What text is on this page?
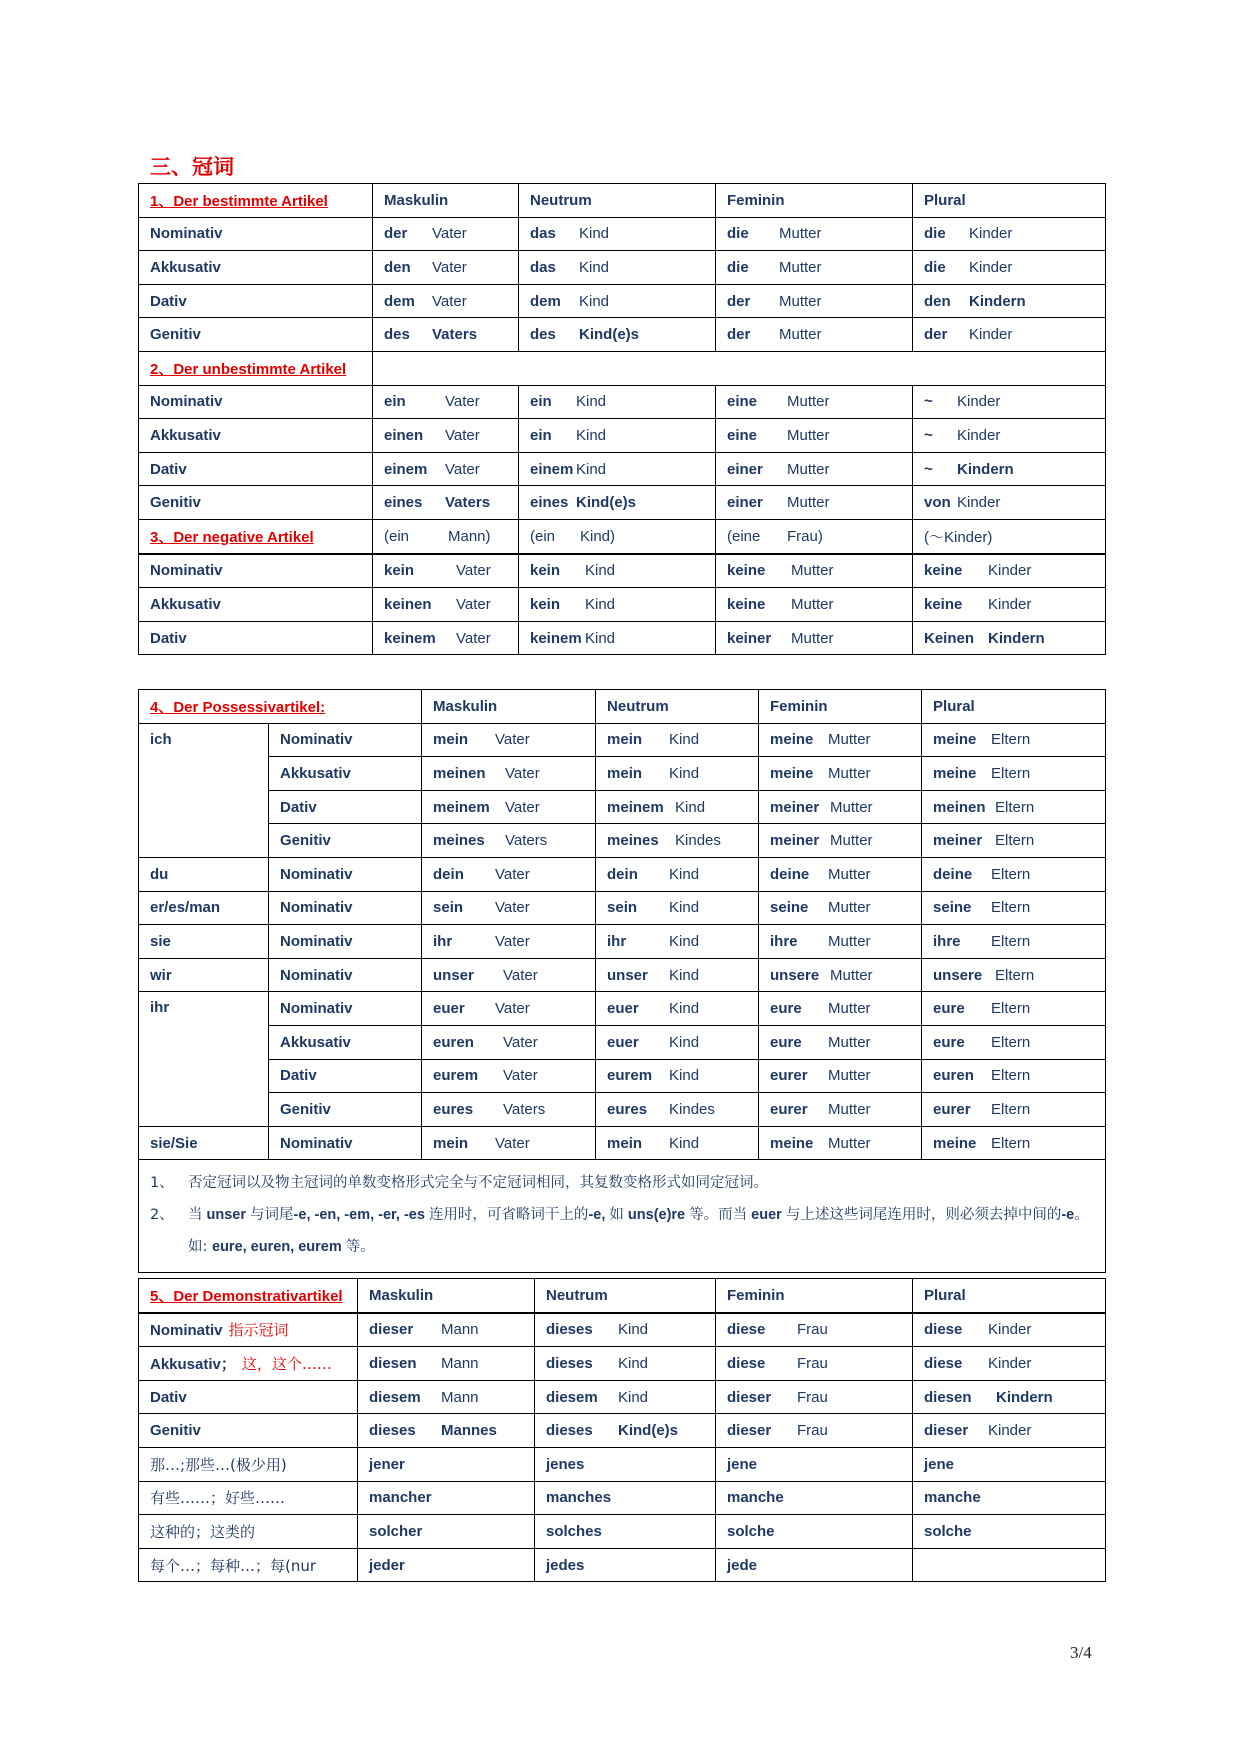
三、冠词
1、Der bestimmte Artikel	Maskulin	Neutrum	Feminin	Plural
Nominativ	der Vater	das Kind	die Mutter	die Kinder
Akkusativ	den Vater	das Kind	die Mutter	die Kinder
Dativ	dem Vater	dem Kind	der Mutter	den Kindern
Genitiv	des Vaters	des Kind(e)s	der Mutter	der Kinder
2、Der unbestimmte Artikel				
Nominativ	ein Vater	ein Kind	eine Mutter	~ Kinder
Akkusativ	einen Vater	ein Kind	eine Mutter	~ Kinder
Dativ	einem Vater	einem Kind	einer Mutter	~ Kindern
Genitiv	eines Vaters	eines Kind(e)s	einer Mutter	von Kinder
3、Der negative Artikel	(ein Mann)	(ein Kind)	(eine Frau)	(～Kinder)
Nominativ	kein Vater	kein Kind	keine Mutter	keine Kinder
Akkusativ	keinen Vater	kein Kind	keine Mutter	keine Kinder
Dativ	keinem Vater	keinem Kind	keiner Mutter	Keinen Kindern
4、Der Possessivartikel:		Maskulin	Neutrum	Feminin	Plural
ich	Nominativ	mein Vater	mein Kind	meine Mutter	meine Eltern
	Akkusativ	meinen Vater	mein Kind	meine Mutter	meine Eltern
	Dativ	meinem Vater	meinem Kind	meiner Mutter	meinen Eltern
	Genitiv	meines Vaters	meines Kindes	meiner Mutter	meiner Eltern
du	Nominativ	dein Vater	dein Kind	deine Mutter	deine Eltern
er/es/man	Nominativ	sein Vater	sein Kind	seine Mutter	seine Eltern
sie	Nominativ	ihr Vater	ihr Kind	ihre Mutter	ihre Eltern
wir	Nominativ	unser Vater	unser Kind	unsere Mutter	unsere Eltern
ihr	Nominativ	euer Vater	euer Kind	eure Mutter	eure Eltern
	Akkusativ	euren Vater	euer Kind	eure Mutter	eure Eltern
	Dativ	eurem Vater	eurem Kind	eurer Mutter	euren Eltern
	Genitiv	eures Vaters	eures Kindes	eurer Mutter	eurer Eltern
sie/Sie	Nominativ	mein Vater	mein Kind	meine Mutter	meine Eltern

1、 否定冠词以及物主冠词的单数变格形式完全与不定冠词相同，其复数变格形式如同定冠词。
2、 当 unser 与词尾-e, -en, -em, -er, -es 连用时，可省略词干上的-e, 如 uns(e)re 等。而当 euer 与上述这些词尾连用时，则必须去掉中间的-e。如: eure, euren, eurem 等。					
5、Der Demonstrativartikel	Maskulin	Neutrum	Feminin	Plural
Nominativ 指示冠词	dieser Mann	dieses Kind	diese Frau	diese Kinder
Akkusativ； 这，这个……	diesen Mann	dieses Kind	diese Frau	diese Kinder
Dativ	diesem Mann	diesem Kind	dieser Frau	diesen Kindern
Genitiv	dieses Mannes	dieses Kind(e)s	dieser Frau	dieser Kinder
那…;那些…(极少用)	jener	jenes	jene	jene
有些……；好些……	mancher	manches	manche	manche
这种的；这类的	solcher	solches	solche	solche
每个…；每种…；每(nur	jeder	jedes	jede	
3/4
